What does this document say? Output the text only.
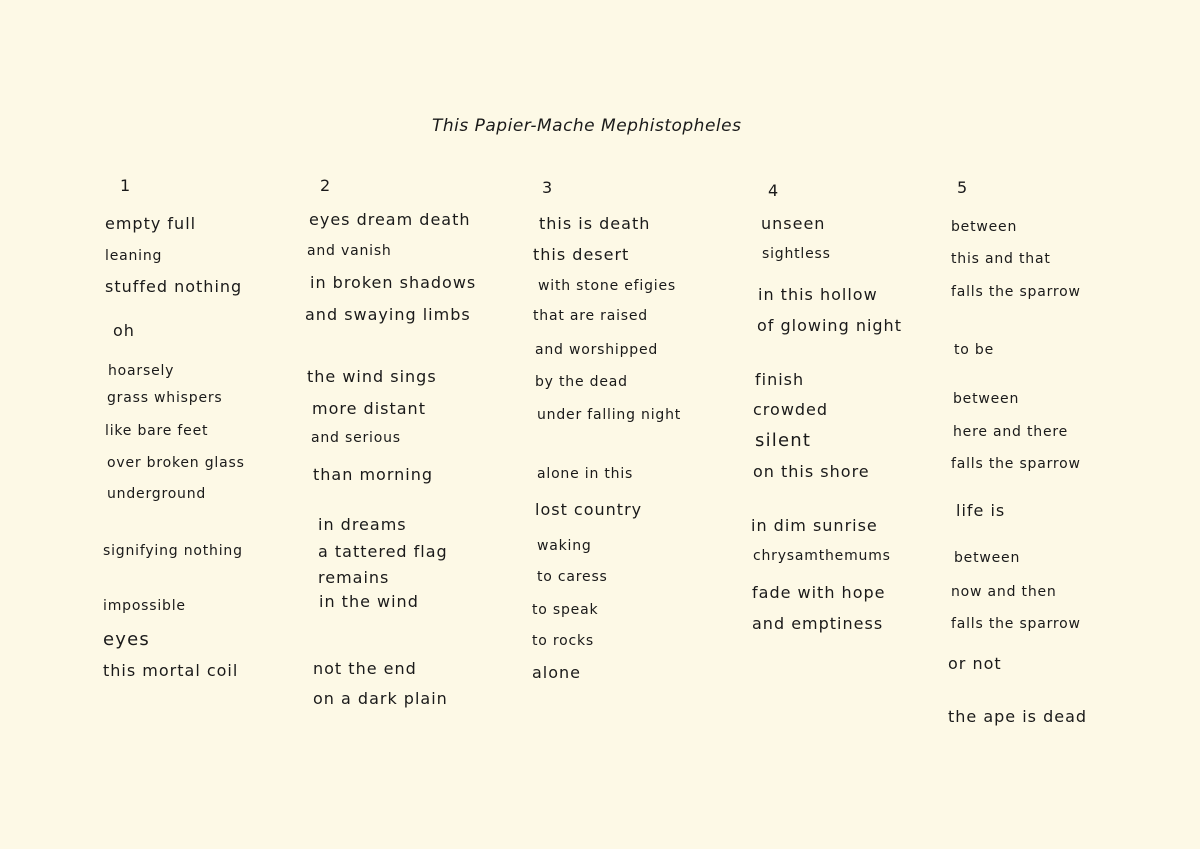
This Papier-Mache Mephistopheles
1
empty full
leaning
stuffed nothing
oh
hoarsely
grass whispers
like bare feet
over broken glass
underground
signifying nothing
impossible
eyes
this mortal coil
2
eyes dream death
and vanish
in broken shadows
and swaying limbs
the wind sings
more distant
and serious
than morning
in dreams
a tattered flag
remains
in the wind
not the end
on a dark plain
3
this is death
this desert
with stone efigies
that are raised
and worshipped
by the dead
under falling night
alone in this
lost country
waking
to caress
to speak
to rocks
alone
4
unseen
sightless
in this hollow
of glowing night
finish
crowded
silent
on this shore
in dim sunrise
chrysamthemums
fade with hope
and emptiness
5
between
this and that
falls the sparrow
to be
between
here and there
falls the sparrow
life is
between
now and then
falls the sparrow
or not
the ape is dead
